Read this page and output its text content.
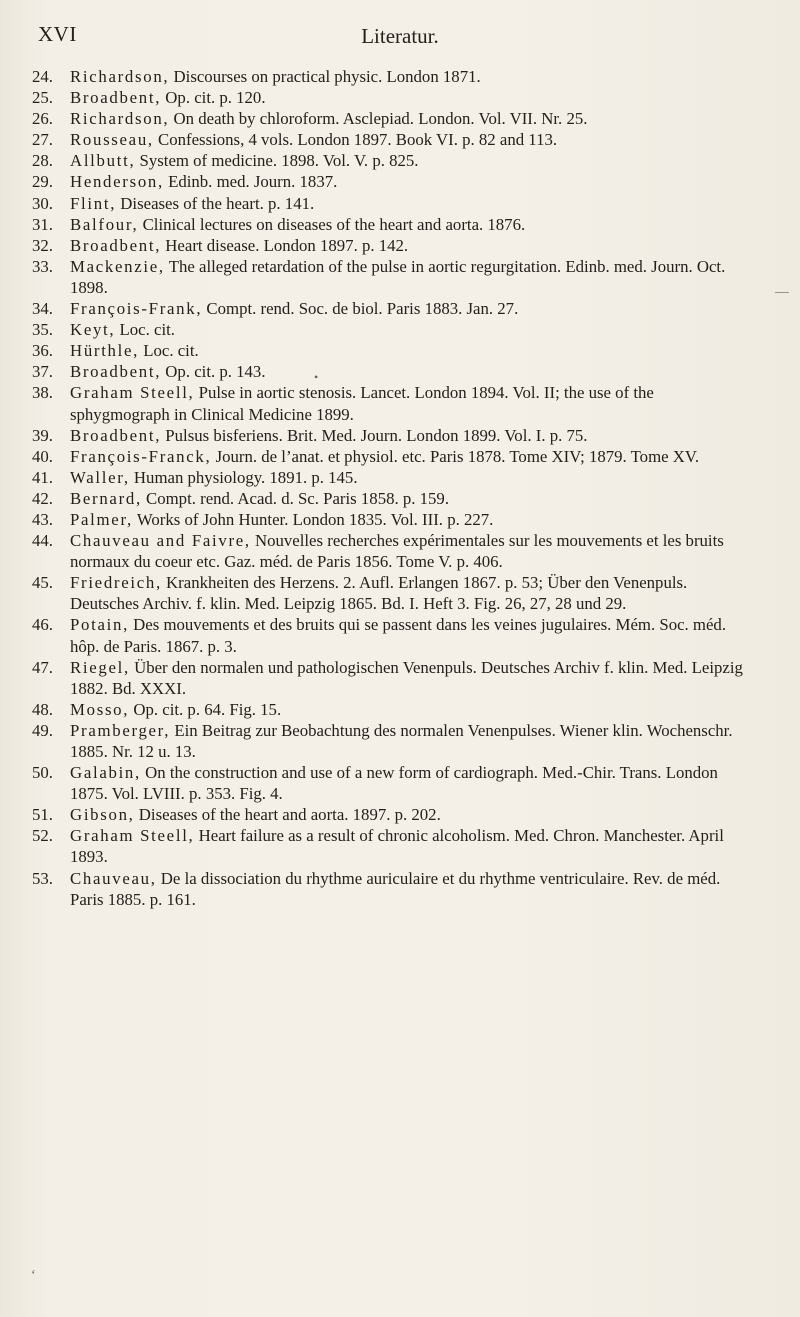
XVI	Literatur.
24. Richardson, Discourses on practical physic. London 1871.
25. Broadbent, Op. cit. p. 120.
26. Richardson, On death by chloroform. Asclepiad. London. Vol. VII. Nr. 25.
27. Rousseau, Confessions, 4 vols. London 1897. Book VI. p. 82 and 113.
28. Allbutt, System of medicine. 1898. Vol. V. p. 825.
29. Henderson, Edinb. med. Journ. 1837.
30. Flint, Diseases of the heart. p. 141.
31. Balfour, Clinical lectures on diseases of the heart and aorta. 1876.
32. Broadbent, Heart disease. London 1897. p. 142.
33. Mackenzie, The alleged retardation of the pulse in aortic regurgitation. Edinb. med. Journ. Oct. 1898.
34. François-Frank, Compt. rend. Soc. de biol. Paris 1883. Jan. 27.
35. Keyt, Loc. cit.
36. Hürthle, Loc. cit.
37. Broadbent, Op. cit. p. 143.
38. Graham Steell, Pulse in aortic stenosis. Lancet. London 1894. Vol. II; the use of the sphygmograph in Clinical Medicine 1899.
39. Broadbent, Pulsus bisferiens. Brit. Med. Journ. London 1899. Vol. I. p. 75.
40. François-Franck, Journ. de l’anat. et physiol. etc. Paris 1878. Tome XIV; 1879. Tome XV.
41. Waller, Human physiology. 1891. p. 145.
42. Bernard, Compt. rend. Acad. d. Sc. Paris 1858. p. 159.
43. Palmer, Works of John Hunter. London 1835. Vol. III. p. 227.
44. Chauveau and Faivre, Nouvelles recherches expérimentales sur les mouvements et les bruits normaux du coeur etc. Gaz. méd. de Paris 1856. Tome V. p. 406.
45. Friedreich, Krankheiten des Herzens. 2. Aufl. Erlangen 1867. p. 53; Über den Venenpuls. Deutsches Archiv. f. klin. Med. Leipzig 1865. Bd. I. Heft 3. Fig. 26, 27, 28 und 29.
46. Potain, Des mouvements et des bruits qui se passent dans les veines jugulaires. Mém. Soc. méd. hôp. de Paris. 1867. p. 3.
47. Riegel, Über den normalen und pathologischen Venenpuls. Deutsches Archiv f. klin. Med. Leipzig 1882. Bd. XXXI.
48. Mosso, Op. cit. p. 64. Fig. 15.
49. Pramberger, Ein Beitrag zur Beobachtung des normalen Venenpulses. Wiener klin. Wochenschr. 1885. Nr. 12 u. 13.
50. Galabin, On the construction and use of a new form of cardiograph. Med.-Chir. Trans. London 1875. Vol. LVIII. p. 353. Fig. 4.
51. Gibson, Diseases of the heart and aorta. 1897. p. 202.
52. Graham Steell, Heart failure as a result of chronic alcoholism. Med. Chron. Manchester. April 1893.
53. Chauveau, De la dissociation du rhythme auriculaire et du rhythme ventriculaire. Rev. de méd. Paris 1885. p. 161.
•
ʻ
